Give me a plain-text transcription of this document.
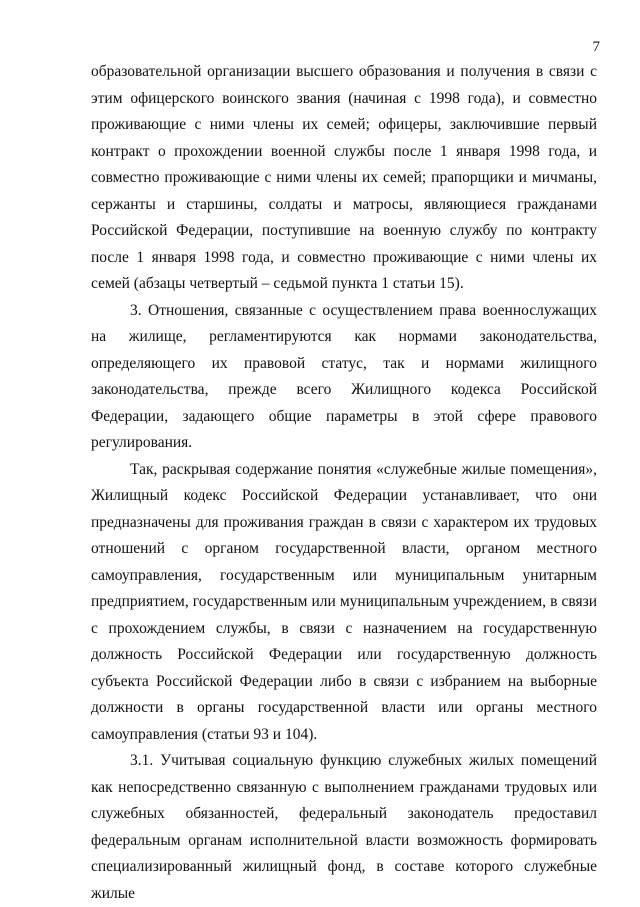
7

образовательной организации высшего образования и получения в связи с этим офицерского воинского звания (начиная с 1998 года), и совместно проживающие с ними члены их семей; офицеры, заключившие первый контракт о прохождении военной службы после 1 января 1998 года, и совместно проживающие с ними члены их семей; прапорщики и мичманы, сержанты и старшины, солдаты и матросы, являющиеся гражданами Российской Федерации, поступившие на военную службу по контракту после 1 января 1998 года, и совместно проживающие с ними члены их семей (абзацы четвертый – седьмой пункта 1 статьи 15).

3. Отношения, связанные с осуществлением права военнослужащих на жилище, регламентируются как нормами законодательства, определяющего их правовой статус, так и нормами жилищного законодательства, прежде всего Жилищного кодекса Российской Федерации, задающего общие параметры в этой сфере правового регулирования.

Так, раскрывая содержание понятия «служебные жилые помещения», Жилищный кодекс Российской Федерации устанавливает, что они предназначены для проживания граждан в связи с характером их трудовых отношений с органом государственной власти, органом местного самоуправления, государственным или муниципальным унитарным предприятием, государственным или муниципальным учреждением, в связи с прохождением службы, в связи с назначением на государственную должность Российской Федерации или государственную должность субъекта Российской Федерации либо в связи с избранием на выборные должности в органы государственной власти или органы местного самоуправления (статьи 93 и 104).

3.1. Учитывая социальную функцию служебных жилых помещений как непосредственно связанную с выполнением гражданами трудовых или служебных обязанностей, федеральный законодатель предоставил федеральным органам исполнительной власти возможность формировать специализированный жилищный фонд, в составе которого служебные жилые
